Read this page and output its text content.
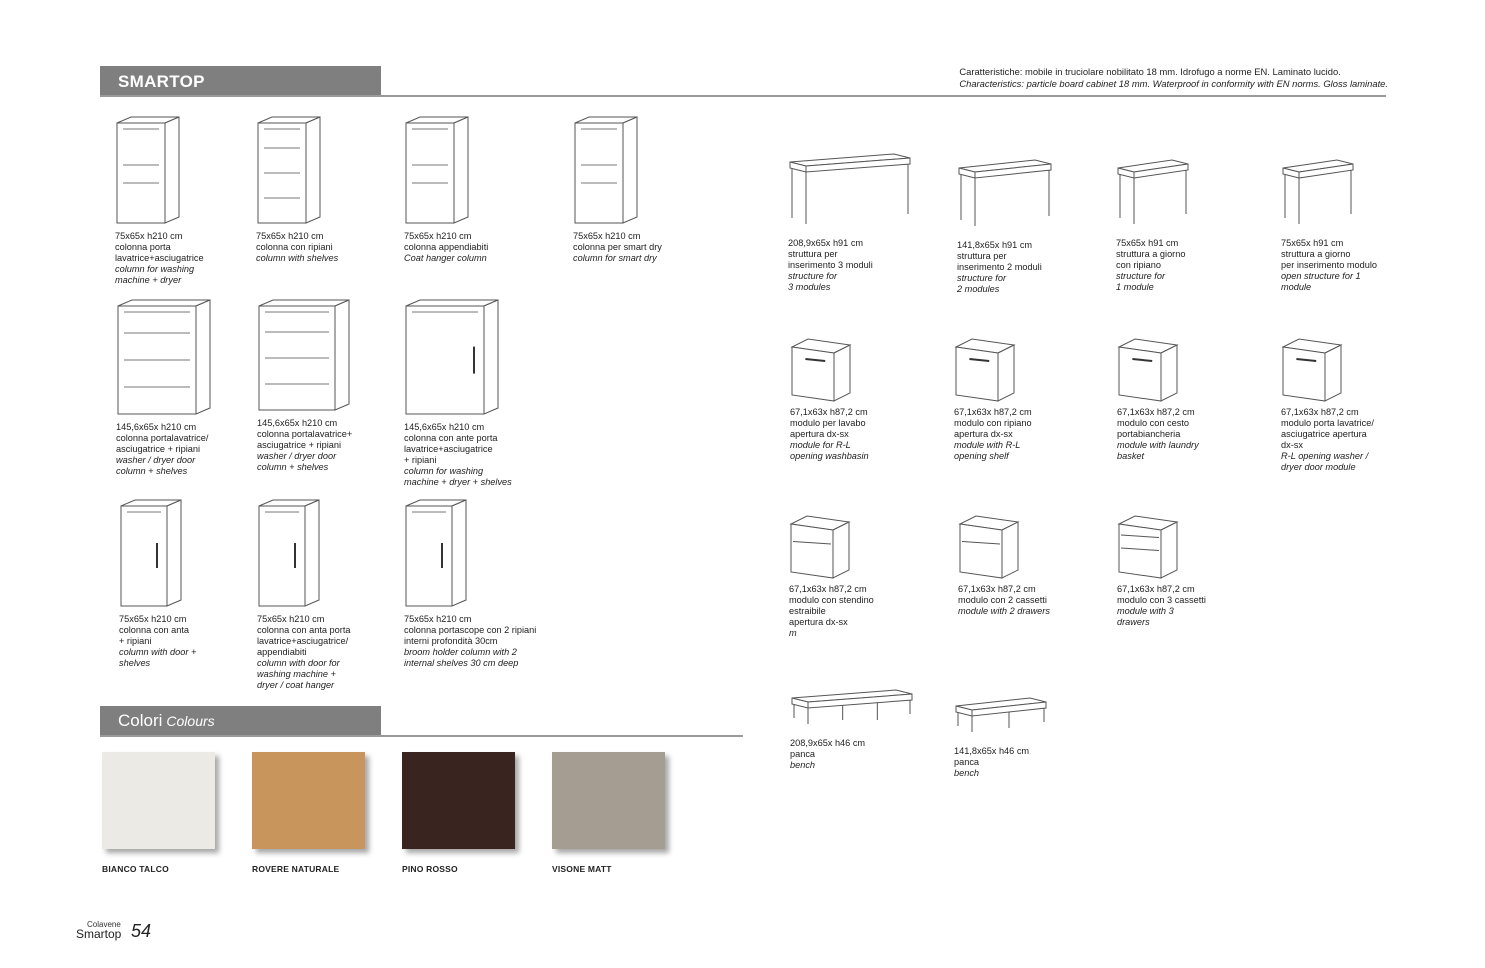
SMARTOP
Caratteristiche: mobile in truciolare nobilitato 18 mm. Idrofugo a norme EN. Laminato lucido.
Characteristics: particle board cabinet 18 mm. Waterproof in conformity with EN norms. Gloss laminate.
75x65x h210 cm
colonna porta
lavatrice+asciugatrice
column for washing
machine + dryer
75x65x h210 cm
colonna con ripiani
column with shelves
75x65x h210 cm
colonna appendiabiti
Coat hanger column
75x65x h210 cm
colonna per smart dry
column for smart dry
145,6x65x h210 cm
colonna portalavatrice/
asciugatrice + ripiani
washer / dryer door
column + shelves
145,6x65x h210 cm
colonna portalavatrice+
asciugatrice + ripiani
washer / dryer door
column + shelves
145,6x65x h210 cm
colonna con ante porta
lavatrice+asciugatrice
+ ripiani
column for washing
machine + dryer + shelves
75x65x h210 cm
colonna con anta
+ ripiani
column with door +
shelves
75x65x h210 cm
colonna con anta porta
lavatrice+asciugatrice/
appendiabiti
column with door for
washing machine +
dryer / coat hanger
75x65x h210 cm
colonna portascope con 2 ripiani
interni profondità 30cm
broom holder column with 2
internal shelves 30 cm deep
208,9x65x h91 cm
struttura per
inserimento 3 moduli
structure for
3 modules
141,8x65x h91 cm
struttura per
inserimento 2 moduli
structure for
2 modules
75x65x h91 cm
struttura a giorno
con ripiano
structure for
1 module
75x65x h91 cm
struttura a giorno
per inserimento modulo
open structure for 1
module
67,1x63x h87,2 cm
modulo per lavabo
apertura dx-sx
module for R-L
opening washbasin
67,1x63x h87,2 cm
modulo con ripiano
apertura dx-sx
module with R-L
opening shelf
67,1x63x h87,2 cm
modulo con cesto
portabiancheria
module with laundry
basket
67,1x63x h87,2 cm
modulo porta lavatrice/
asciugatrice apertura
dx-sx
R-L opening washer /
dryer door module
67,1x63x h87,2 cm
modulo con stendino
estraibile
apertura dx-sx
m
67,1x63x h87,2 cm
modulo con 2 cassetti
module with 2 drawers
67,1x63x h87,2 cm
modulo con 3 cassetti
module with 3
drawers
208,9x65x h46 cm
panca
bench
141,8x65x h46 cm
panca
bench
Colori Colours
BIANCO TALCO	ROVERE NATURALE	PINO ROSSO	VISONE MATT
Colavene
Smartop 54
